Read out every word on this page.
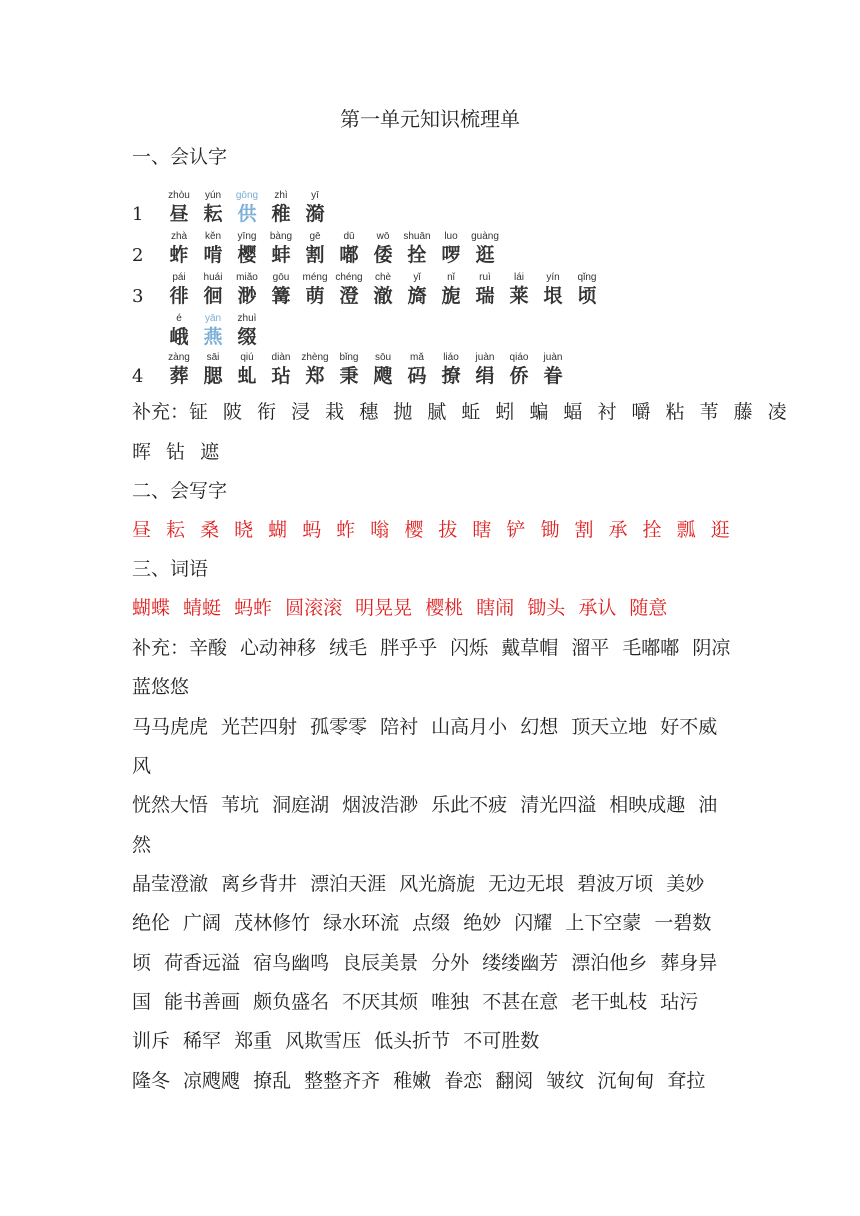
第一单元知识梳理单
一、会认字
1
zhòu
昼
yún
耘
gōng
供
zhì
稚
yī
漪
2
zhà
蚱
kěn
啃
yīng
樱
bàng
蚌
gē
割
dū
嘟
wō
倭
shuān
拴
luo
啰
guàng
逛
3
pái
徘
huái
徊
miǎo
渺
gōu
篝
méng
萌
chéng
澄
chè
澈
yǐ
旖
nǐ
旎
ruì
瑞
lái
莱
yín
垠
qǐng
顷
é
峨
yān
燕
zhuì
缀
4
zàng
葬
sāi
腮
qiú
虬
diàn
玷
zhèng
郑
bǐng
秉
sōu
飕
mǎ
码
liáo
撩
juàn
绢
qiáo
侨
juàn
眷
补充：钲 陂 衔 浸 栽 穗 抛 腻 蚯 蚓 蝙 蝠 衬 嚼 粘 苇 藤 凌
晖 钻 遮
二、会写字
昼 耘 桑 晓 蝴 蚂 蚱 嗡 樱 拔 瞎 铲 锄 割 承 拴 瓢 逛
三、词语
蝴蝶 蜻蜓 蚂蚱 圆滚滚 明晃晃 樱桃 瞎闹 锄头 承认 随意
补充：辛酸 心动神移 绒毛 胖乎乎 闪烁 戴草帽 溜平 毛嘟嘟 阴凉
蓝悠悠
马马虎虎 光芒四射 孤零零 陪衬 山高月小 幻想 顶天立地 好不威
风
恍然大悟 苇坑 洞庭湖 烟波浩渺 乐此不疲 清光四溢 相映成趣 油
然
晶莹澄澈 离乡背井 漂泊天涯 风光旖旎 无边无垠 碧波万顷 美妙
绝伦 广阔 茂林修竹 绿水环流 点缀 绝妙 闪耀 上下空蒙 一碧数
顷 荷香远溢 宿鸟幽鸣 良辰美景 分外 缕缕幽芳 漂泊他乡 葬身异
国 能书善画 颇负盛名 不厌其烦 唯独 不甚在意 老干虬枝 玷污
训斥 稀罕 郑重 风欺雪压 低头折节 不可胜数
隆冬 凉飕飕 撩乱 整整齐齐 稚嫩 眷恋 翻阅 皱纹 沉甸甸 耷拉
